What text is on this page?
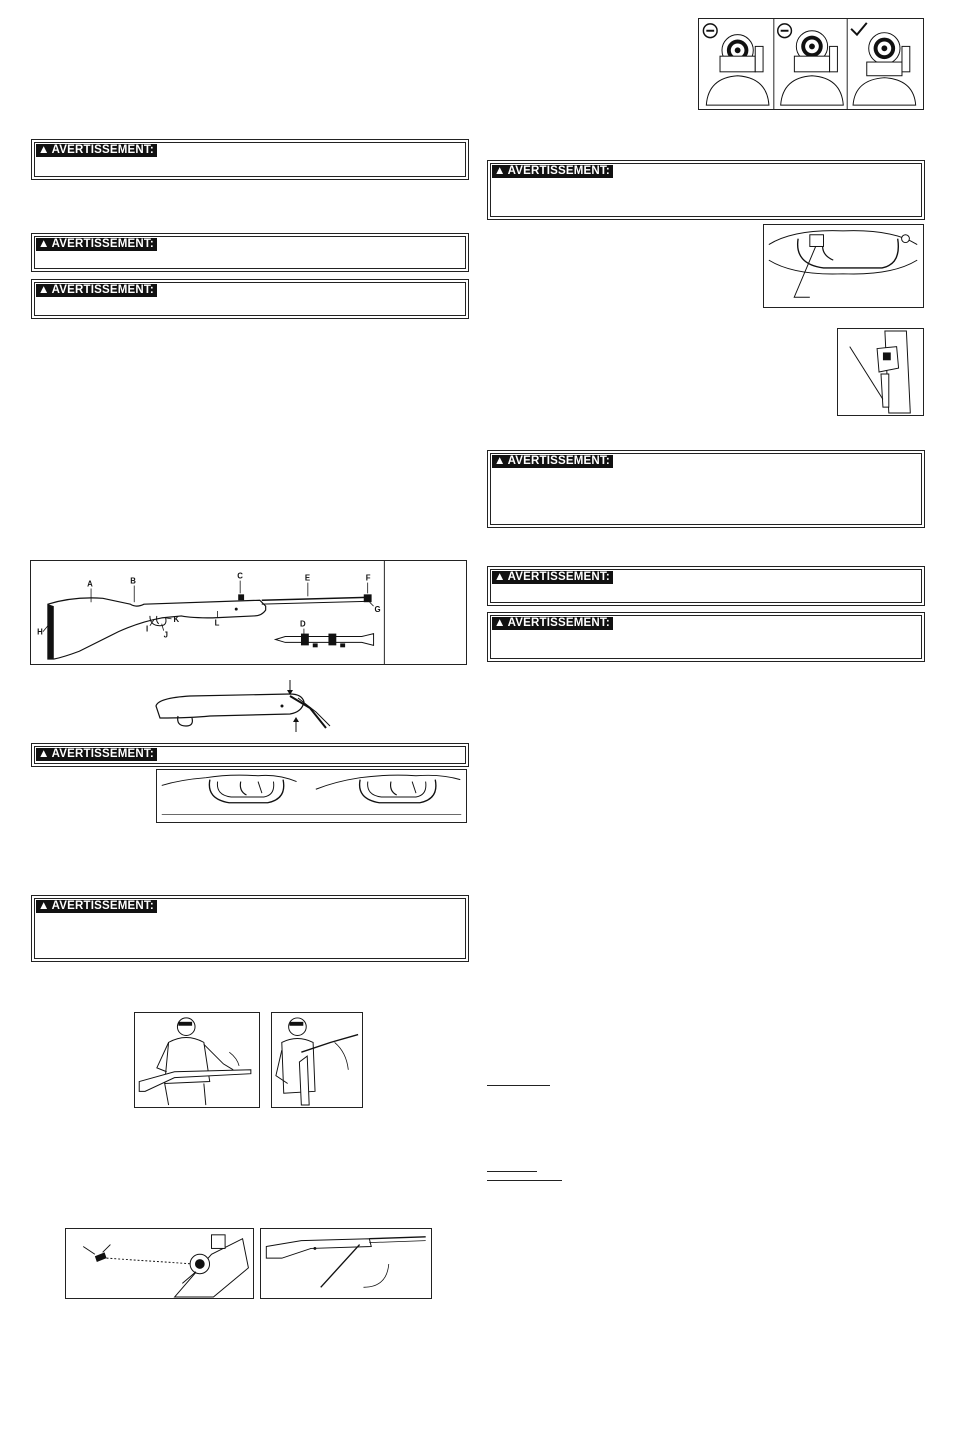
▲ AVERTISSEMENT:
▲ AVERTISSEMENT:
▲ AVERTISSEMENT:
A	B
C	E	F
G
H	I
J
K	L	D
▲ AVERTISSEMENT:
▲ AVERTISSEMENT:
▲ AVERTISSEMENT:
▲ AVERTISSEMENT:
▲ AVERTISSEMENT:
▲ AVERTISSEMENT:
